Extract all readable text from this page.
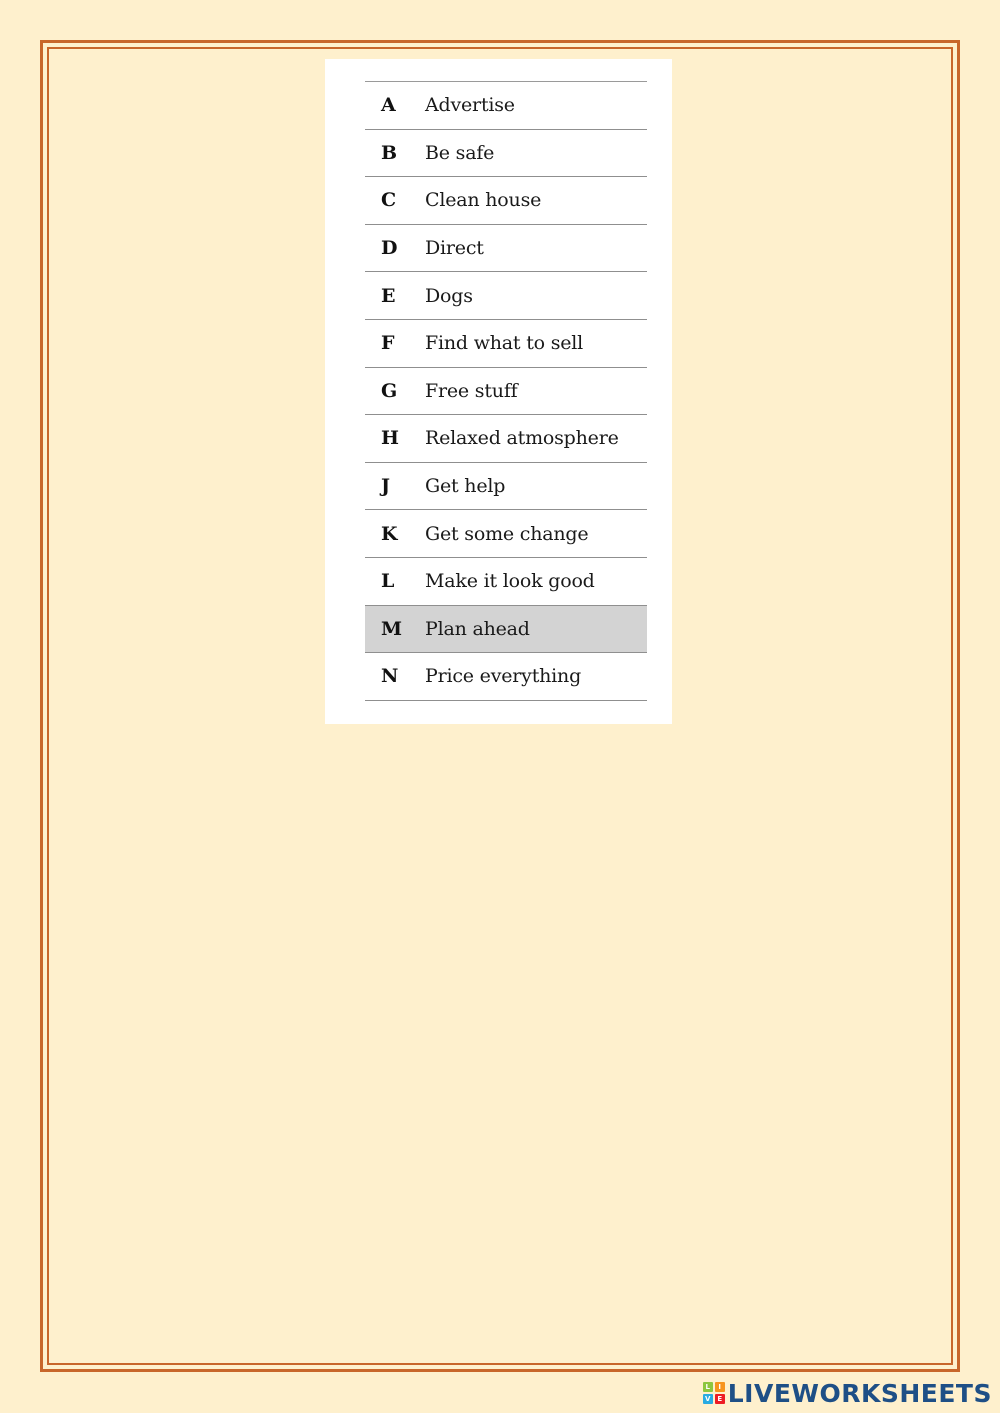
A	Advertise
B	Be safe
C	Clean house
D	Direct
E	Dogs
F	Find what to sell
G	Free stuff
H	Relaxed atmosphere
J	Get help
K	Get some change
L	Make it look good
M	Plan ahead
N	Price everything
L	I
V E LIVEWORKSHEETS
